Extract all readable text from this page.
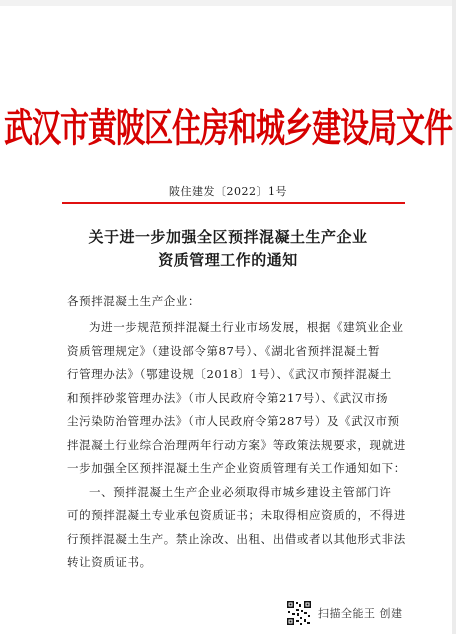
武汉市黄陂区住房和城乡建设局文件
陂住建发〔2022〕1号
关于进一步加强全区预拌混凝土生产企业
资质管理工作的通知
各预拌混凝土生产企业：
为进一步规范预拌混凝土行业市场发展，根据《建筑业企业
资质管理规定》（建设部令第87号）、《湖北省预拌混凝土暂
行管理办法》（鄂建设规〔2018〕1号）、《武汉市预拌混凝土
和预拌砂浆管理办法》（市人民政府令第217号）、《武汉市扬
尘污染防治管理办法》（市人民政府令第287号）及《武汉市预
拌混凝土行业综合治理两年行动方案》等政策法规要求，现就进
一步加强全区预拌混凝土生产企业资质管理有关工作通知如下：
一、预拌混凝土生产企业必须取得市城乡建设主管部门许
可的预拌混凝土专业承包资质证书；未取得相应资质的，不得进
行预拌混凝土生产。禁止涂改、出租、出借或者以其他形式非法
转让资质证书。
扫描全能王 创建
